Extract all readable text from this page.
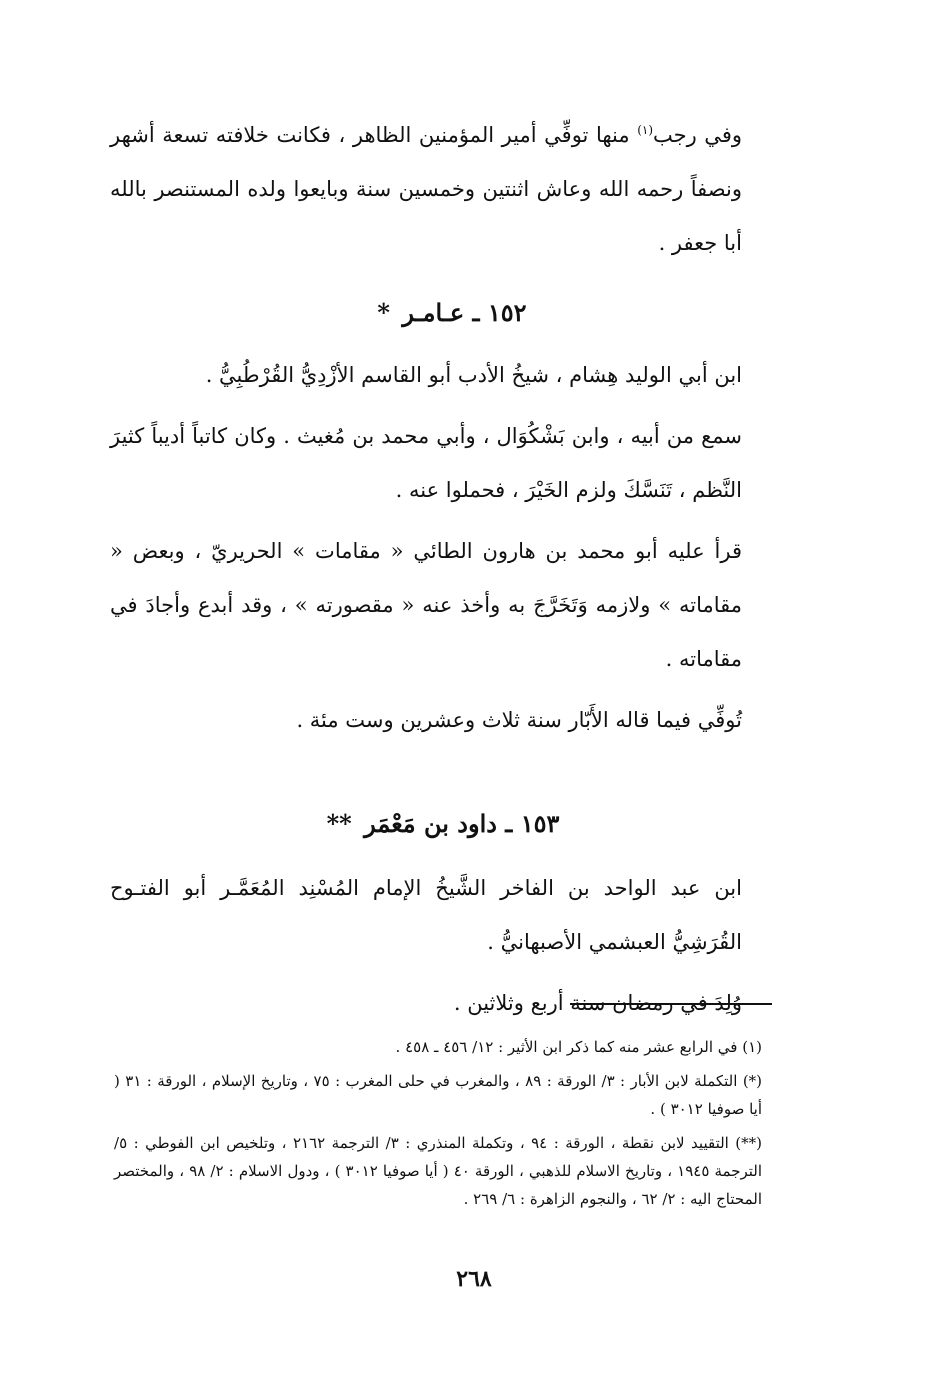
وفي رجب$^{(١)}$ منها توفِّي أمير المؤمنين الظاهر ، فكانت خلافته تسعة أشهر ونصفاً رحمه الله وعاش اثنتين وخمسين سنة وبايعوا ولده المستنصر بالله أبا جعفر .

١٥٢ ـ عـامـر *

ابن أبي الوليد هِشام ، شيخُ الأدب أبو القاسم الأزْدِيُّ القُرْطُبِيُّ .

سمع من أبيه ، وابن بَشْكُوَال ، وأبي محمد بن مُغيث . وكان كاتباً أديباً كثيرَ النَّظم ، تَنَسَّكَ ولزم الخَيْرَ ، فحملوا عنه .

قرأ عليه أبو محمد بن هارون الطائي « مقامات » الحريريّ ، وبعض « مقاماته » ولازمه وَتَخَرَّجَ به وأخذ عنه « مقصورته » ، وقد أبدع وأجادَ في مقاماته .

تُوفِّي فيما قاله الأَبّار سنة ثلاث وعشرين وست مئة .

١٥٣ ـ داود بن مَعْمَر **

ابن عبد الواحد بن الفاخر الشَّيخُ الإمام المُسْنِد المُعَمَّـر أبو الفتـوح القُرَشِيُّ العبشمي الأصبهانيُّ .

وُلِدَ في رمضان سنة أربع وثلاثين .

(١) في الرابع عشر منه كما ذكر ابن الأثير : ١٢/ ٤٥٦ ـ ٤٥٨ .

(*) التكملة لابن الأبار : ٣/ الورقة : ٨٩ ، والمغرب في حلى المغرب : ٧٥ ، وتاريخ الإسلام ، الورقة : ٣١ ( أيا صوفيا ٣٠١٢ ) .

(**) التقييد لابن نقطة ، الورقة : ٩٤ ، وتكملة المنذري : ٣/ الترجمة ٢١٦٢ ، وتلخيص ابن الفوطي : ٥/ الترجمة ١٩٤٥ ، وتاريخ الاسلام للذهبي ، الورقة ٤٠ ( أيا صوفيا ٣٠١٢ ) ، ودول الاسلام : ٢/ ٩٨ ، والمختصر المحتاج اليه : ٢/ ٦٢ ، والنجوم الزاهرة : ٦/ ٢٦٩ .

٢٦٨
